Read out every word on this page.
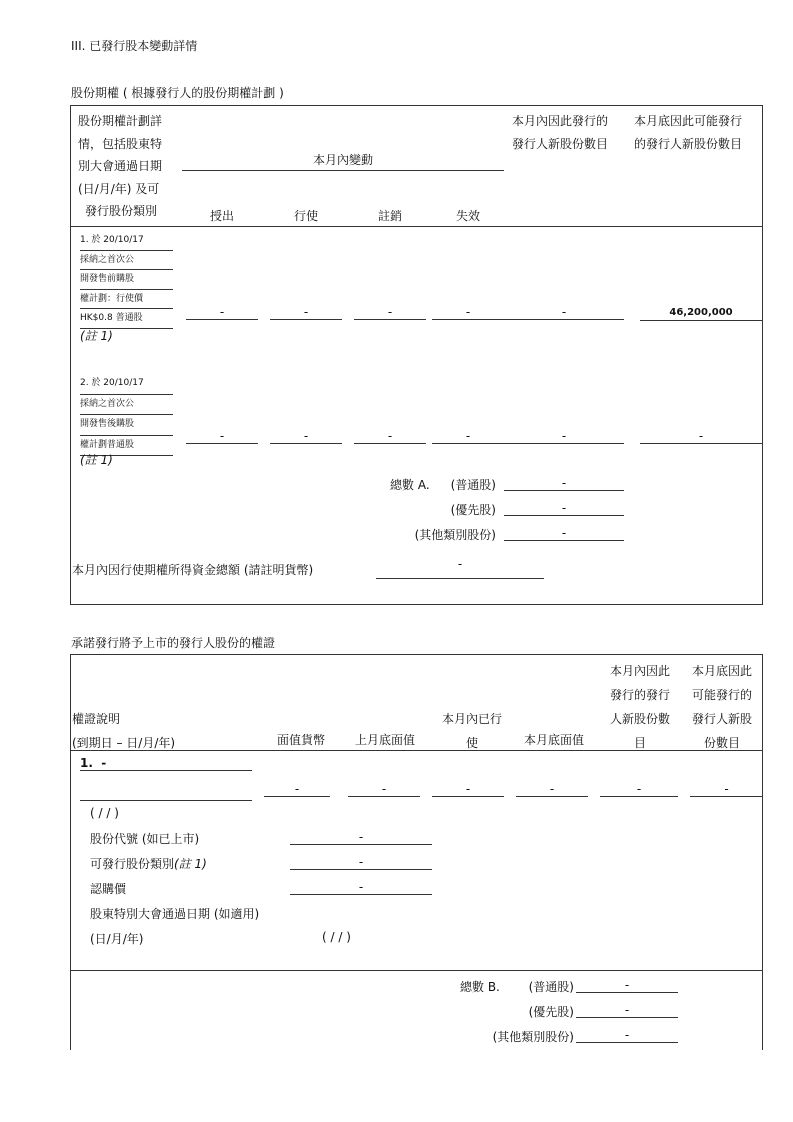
III. 已發行股本變動詳情
股份期權 ( 根據發行人的股份期權計劃 )
股份期權計劃詳
情，包括股東特
別大會通過日期
(日/月/年) 及可
發行股份類別
本月內變動
授出	行使	註銷	失效
本月內因此發行的
發行人新股份數目
本月底因此可能發行
的發行人新股份數目
1. 於 20/10/17
採納之首次公
開發售前購股
權計劃：行使價
HK$0.8 普通股	-	-	-	-	-	46,200,000
(註 1)
2. 於 20/10/17
採納之首次公
開發售後購股
權計劃普通股
-	-	-	-	-	-
(註 1)
總數 A.	(普通股)	-
(優先股)	-
(其他類別股份)	-
本月內因行使期權所得資金總額 (請註明貨幣)	-
承諾發行將予上市的發行人股份的權證
權證說明
(到期日 – 日/月/年)	面值貨幣	上月底面值
本月內已行
使	本月底面值
本月內因此
發行的發行
人新股份數
目
本月底因此
可能發行的
發行人新股
份數目
1. -
-	-	-	-	-	-
( / / )
股份代號 (如已上市)	-
可發行股份類別(註 1)	-
認購價	-
股東特別大會通過日期 (如適用)
(日/月/年)	( / / )
總數 B.	(普通股)	-
(優先股)	-
(其他類別股份)	-
